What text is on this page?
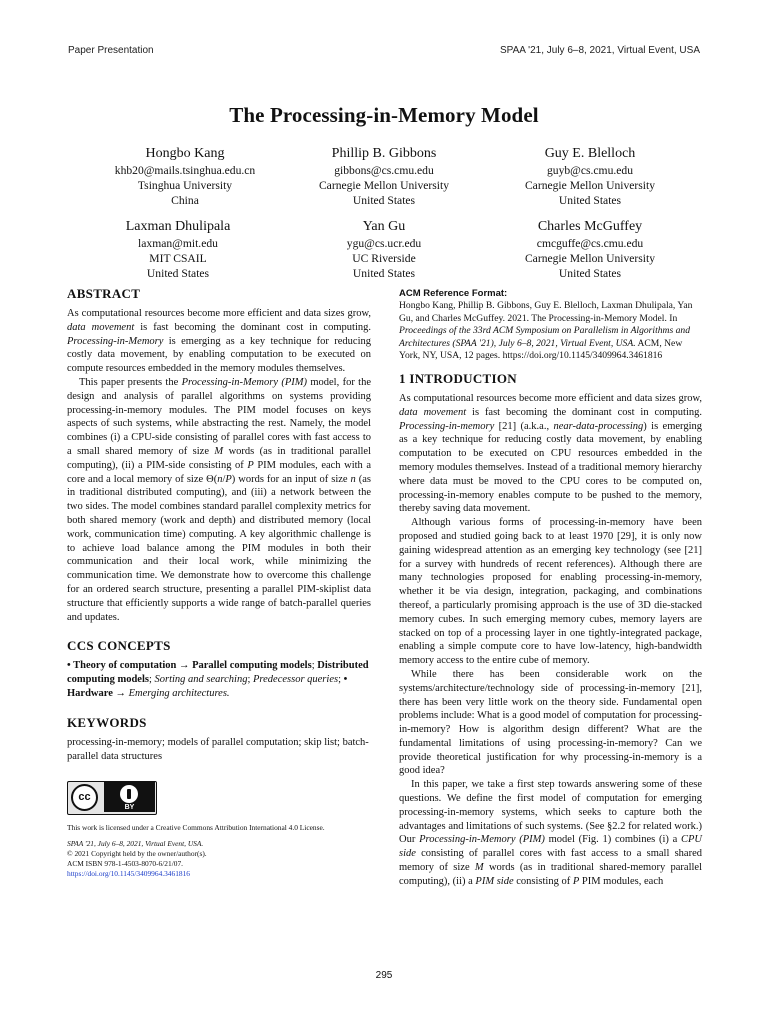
Paper Presentation	SPAA '21, July 6–8, 2021, Virtual Event, USA
The Processing-in-Memory Model
Hongbo Kang
khb20@mails.tsinghua.edu.cn
Tsinghua University
China
Phillip B. Gibbons
gibbons@cs.cmu.edu
Carnegie Mellon University
United States
Guy E. Blelloch
guyb@cs.cmu.edu
Carnegie Mellon University
United States
Laxman Dhulipala
laxman@mit.edu
MIT CSAIL
United States
Yan Gu
ygu@cs.ucr.edu
UC Riverside
United States
Charles McGuffey
cmcguffe@cs.cmu.edu
Carnegie Mellon University
United States
ABSTRACT

As computational resources become more efficient and data sizes grow, data movement is fast becoming the dominant cost in computing. Processing-in-Memory is emerging as a key technique for reducing costly data movement, by enabling computation to be executed on compute resources embedded in the memory modules themselves.

This paper presents the Processing-in-Memory (PIM) model, for the design and analysis of parallel algorithms on systems providing processing-in-memory modules. The PIM model focuses on keys aspects of such systems, while abstracting the rest. Namely, the model combines (i) a CPU-side consisting of parallel cores with fast access to a small shared memory of size M words (as in traditional parallel computing), (ii) a PIM-side consisting of P PIM modules, each with a core and a local memory of size Θ(n/P) words for an input of size n (as in traditional distributed computing), and (iii) a network between the two sides. The model combines standard parallel complexity metrics for both shared memory (work and depth) and distributed memory (local work, communication time) computing. A key algorithmic challenge is to achieve load balance among the PIM modules in both their communication and their local work, while minimizing the communication time. We demonstrate how to overcome this challenge for an ordered search structure, presenting a parallel PIM-skiplist data structure that efficiently supports a wide range of batch-parallel queries and updates.

CCS CONCEPTS

• Theory of computation → Parallel computing models; Distributed computing models; Sorting and searching; Predecessor queries; • Hardware → Emerging architectures.

KEYWORDS

processing-in-memory; models of parallel computation; skip list; batch-parallel data structures

cc
BY
This work is licensed under a Creative Commons Attribution International 4.0 License.
SPAA '21, July 6–8, 2021, Virtual Event, USA.
© 2021 Copyright held by the owner/author(s).
ACM ISBN 978-1-4503-8070-6/21/07.
https://doi.org/10.1145/3409964.3461816
ACM Reference Format:

Hongbo Kang, Phillip B. Gibbons, Guy E. Blelloch, Laxman Dhulipala, Yan Gu, and Charles McGuffey. 2021. The Processing-in-Memory Model. In Proceedings of the 33rd ACM Symposium on Parallelism in Algorithms and Architectures (SPAA '21), July 6–8, 2021, Virtual Event, USA. ACM, New York, NY, USA, 12 pages. https://doi.org/10.1145/3409964.3461816

1 INTRODUCTION

As computational resources become more efficient and data sizes grow, data movement is fast becoming the dominant cost in computing. Processing-in-memory [21] (a.k.a., near-data-processing) is emerging as a key technique for reducing costly data movement, by enabling computation to be executed on CPU resources embedded in the memory modules themselves. Instead of a traditional memory hierarchy where data must be moved to the CPU cores to be computed on, processing-in-memory enables compute to be pushed to the memory, thereby saving data movement.

Although various forms of processing-in-memory have been proposed and studied going back to at least 1970 [29], it is only now gaining widespread attention as an emerging key technology (see [21] for a survey with hundreds of recent references). Although there are many technologies proposed for enabling processing-in-memory, whether it be via design, integration, packaging, and combinations thereof, a particularly promising approach is the use of 3D die-stacked memory cubes. In such emerging memory cubes, memory layers are stacked on top of a processing layer in one tightly-integrated package, enabling a simple compute core to have low-latency, high-bandwidth memory access to the entire cube of memory.

While there has been considerable work on the systems/architecture/technology side of processing-in-memory [21], there has been very little work on the theory side. Fundamental open problems include: What is a good model of computation for processing-in-memory? How is algorithm design different? What are the fundamental limitations of using processing-in-memory? Can we provide theoretical justification for why processing-in-memory is a good idea?

In this paper, we take a first step towards answering some of these questions. We define the first model of computation for emerging processing-in-memory systems, which seeks to capture both the advantages and limitations of such systems. (See §2.2 for related work.) Our Processing-in-Memory (PIM) model (Fig. 1) combines (i) a CPU side consisting of parallel cores with fast access to a small shared memory of size M words (as in traditional shared-memory parallel computing), (ii) a PIM side consisting of P PIM modules, each

295
